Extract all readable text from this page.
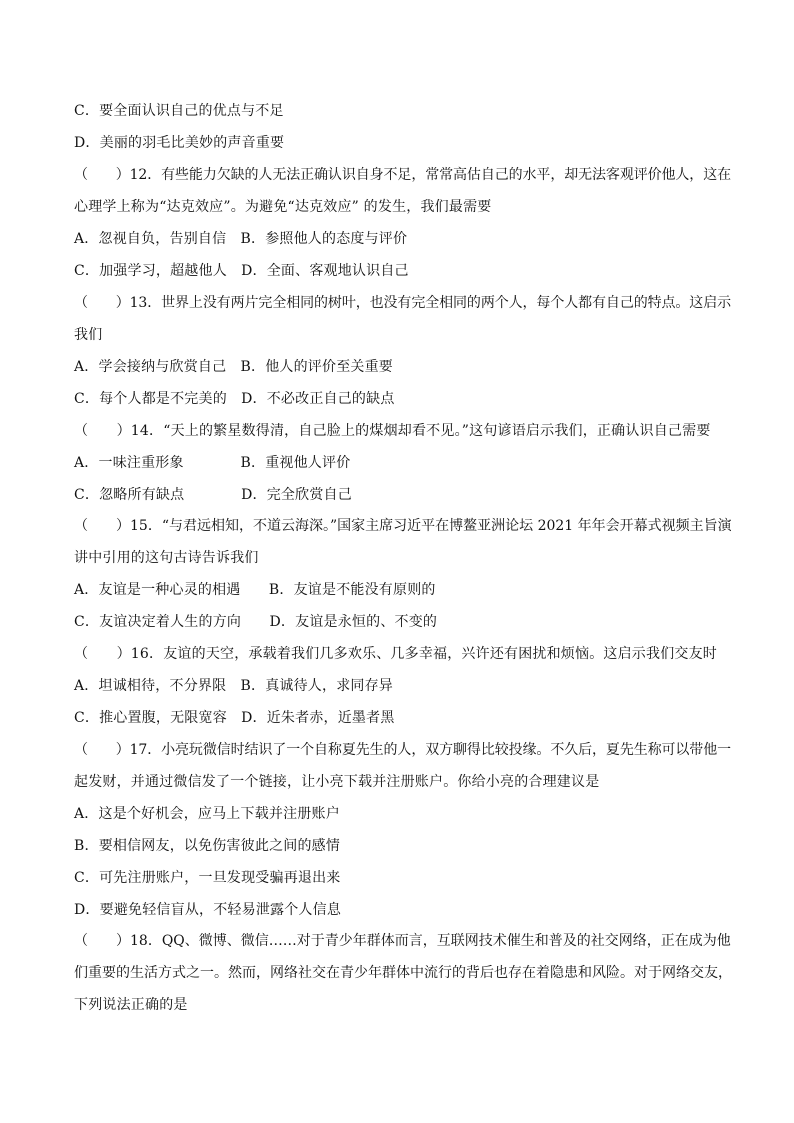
C．要全面认识自己的优点与不足
D．美丽的羽毛比美妙的声音重要
（　　）12．有些能力欠缺的人无法正确认识自身不足，常常高估自己的水平，却无法客观评价他人，这在
心理学上称为“达克效应”。为避免“达克效应” 的发生，我们最需要
A．忽视自负，告别自信　B．参照他人的态度与评价
C．加强学习，超越他人　D．全面、客观地认识自己
（　　）13．世界上没有两片完全相同的树叶，也没有完全相同的两个人，每个人都有自己的特点。这启示
我们
A．学会接纳与欣赏自己　B．他人的评价至关重要
C．每个人都是不完美的　D．不必改正自己的缺点
（　　）14．“天上的繁星数得清，自己脸上的煤烟却看不见。”这句谚语启示我们，正确认识自己需要
A．一味注重形象　　　　B．重视他人评价
C．忽略所有缺点　　　　D．完全欣赏自己
（　　）15．“与君远相知，不道云海深。”国家主席习近平在博鳌亚洲论坛 2021 年年会开幕式视频主旨演
讲中引用的这句古诗告诉我们
A．友谊是一种心灵的相遇　　B．友谊是不能没有原则的
C．友谊决定着人生的方向　　D．友谊是永恒的、不变的
（　　）16．友谊的天空，承载着我们几多欢乐、几多幸福，兴许还有困扰和烦恼。这启示我们交友时
A．坦诚相待，不分界限　B．真诚待人，求同存异
C．推心置腹，无限宽容　D．近朱者赤，近墨者黑
（　　）17．小亮玩微信时结识了一个自称夏先生的人，双方聊得比较投缘。不久后，夏先生称可以带他一
起发财，并通过微信发了一个链接，让小亮下载并注册账户。你给小亮的合理建议是
A．这是个好机会，应马上下载并注册账户
B．要相信网友，以免伤害彼此之间的感情
C．可先注册账户，一旦发现受骗再退出来
D．要避免轻信盲从，不轻易泄露个人信息
（　　）18．QQ、微博、微信……对于青少年群体而言，互联网技术催生和普及的社交网络，正在成为他
们重要的生活方式之一。然而，网络社交在青少年群体中流行的背后也存在着隐患和风险。对于网络交友，
下列说法正确的是
